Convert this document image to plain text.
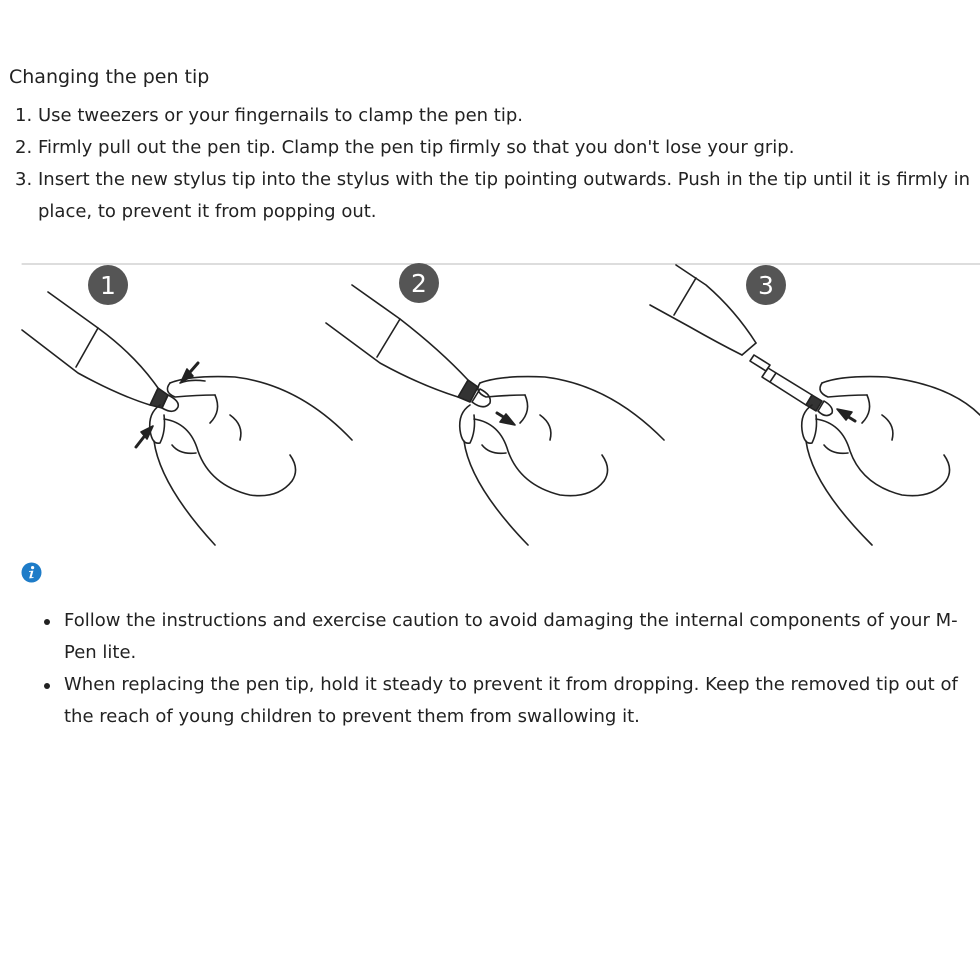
Changing the pen tip
1. Use tweezers or your fingernails to clamp the pen tip.
2. Firmly pull out the pen tip. Clamp the pen tip firmly so that you don't lose your grip.
3. Insert the new stylus tip into the stylus with the tip pointing outwards. Push in the tip until it is firmly in place, to prevent it from popping out.
1	2	3
Follow the instructions and exercise caution to avoid damaging the internal components of your M-Pen lite.
When replacing the pen tip, hold it steady to prevent it from dropping. Keep the removed tip out of the reach of young children to prevent them from swallowing it.
